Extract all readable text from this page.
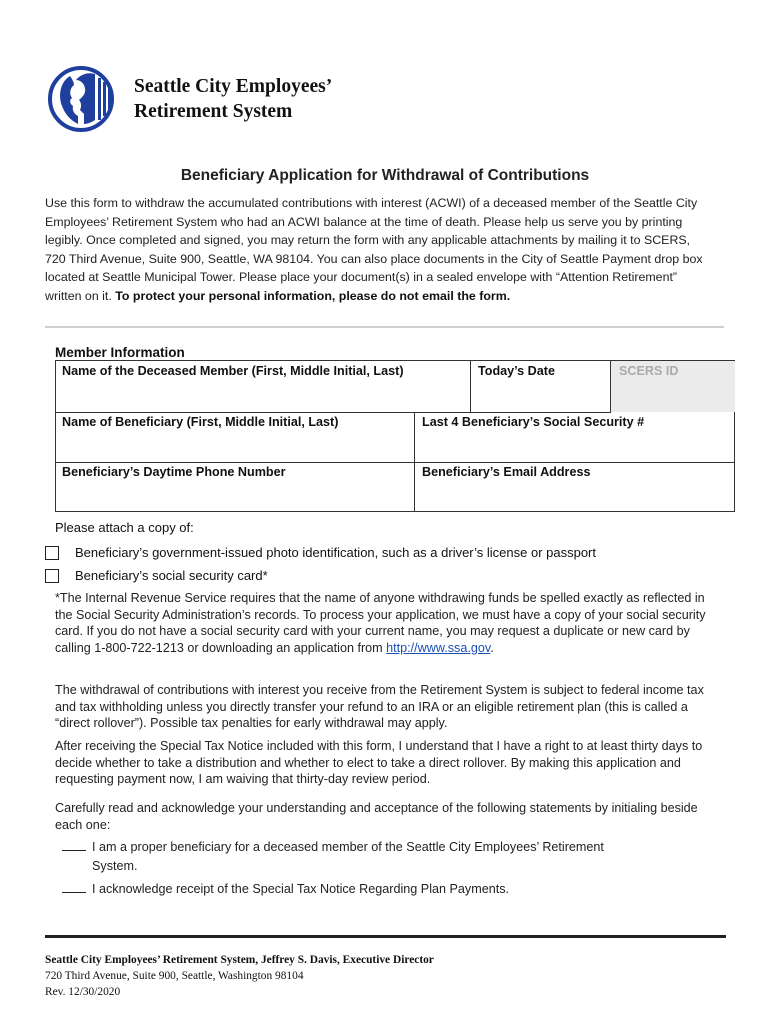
Seattle City Employees’
Retirement System
Beneficiary Application for Withdrawal of Contributions
Use this form to withdraw the accumulated contributions with interest (ACWI) of a deceased member of the Seattle City Employees’ Retirement System who had an ACWI balance at the time of death. Please help us serve you by printing legibly. Once completed and signed, you may return the form with any applicable attachments by mailing it to SCERS, 720 Third Avenue, Suite 900, Seattle, WA 98104. You can also place documents in the City of Seattle Payment drop box located at Seattle Municipal Tower. Please place your document(s) in a sealed envelope with “Attention Retirement” written on it. To protect your personal information, please do not email the form.
Member Information
Name of the Deceased Member (First, Middle Initial, Last)	Today’s Date	SCERS ID
Name of Beneficiary (First, Middle Initial, Last)	Last 4 Beneficiary’s Social Security #
Beneficiary’s Daytime Phone Number	Beneficiary’s Email Address
Please attach a copy of:
Beneficiary’s government-issued photo identification, such as a driver’s license or passport
Beneficiary’s social security card*
*The Internal Revenue Service requires that the name of anyone withdrawing funds be spelled exactly as reflected in the Social Security Administration’s records. To process your application, we must have a copy of your social security card. If you do not have a social security card with your current name, you may request a duplicate or new card by calling 1-800-722-1213 or downloading an application from http://www.ssa.gov.
The withdrawal of contributions with interest you receive from the Retirement System is subject to federal income tax and tax withholding unless you directly transfer your refund to an IRA or an eligible retirement plan (this is called a “direct rollover”). Possible tax penalties for early withdrawal may apply.
After receiving the Special Tax Notice included with this form, I understand that I have a right to at least thirty days to decide whether to take a distribution and whether to elect to take a direct rollover. By making this application and requesting payment now, I am waiving that thirty-day review period.
Carefully read and acknowledge your understanding and acceptance of the following statements by initialing beside each one:
I am a proper beneficiary for a deceased member of the Seattle City Employees’ Retirement
System.
I acknowledge receipt of the Special Tax Notice Regarding Plan Payments.
Seattle City Employees’ Retirement System, Jeffrey S. Davis, Executive Director
720 Third Avenue, Suite 900, Seattle, Washington 98104
Rev. 12/30/2020
